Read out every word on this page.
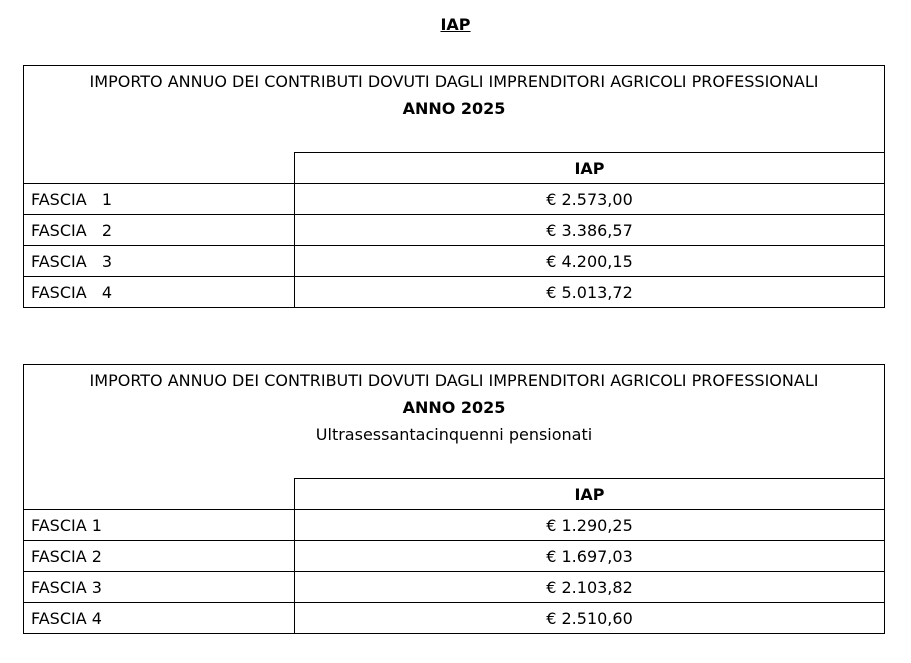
IAP
IMPORTO ANNUO DEI CONTRIBUTI DOVUTI DAGLI IMPRENDITORI AGRICOLI PROFESSIONALI
ANNO 2025	

	IAP
FASCIA   1	€ 2.573,00
FASCIA   2	€ 3.386,57
FASCIA   3	€ 4.200,15
FASCIA   4	€ 5.013,72
IMPORTO ANNUO DEI CONTRIBUTI DOVUTI DAGLI IMPRENDITORI AGRICOLI PROFESSIONALI
ANNO 2025
Ultrasessantacinquenni pensionati	

	IAP
FASCIA 1	€ 1.290,25
FASCIA 2	€ 1.697,03
FASCIA 3	€ 2.103,82
FASCIA 4	€ 2.510,60
